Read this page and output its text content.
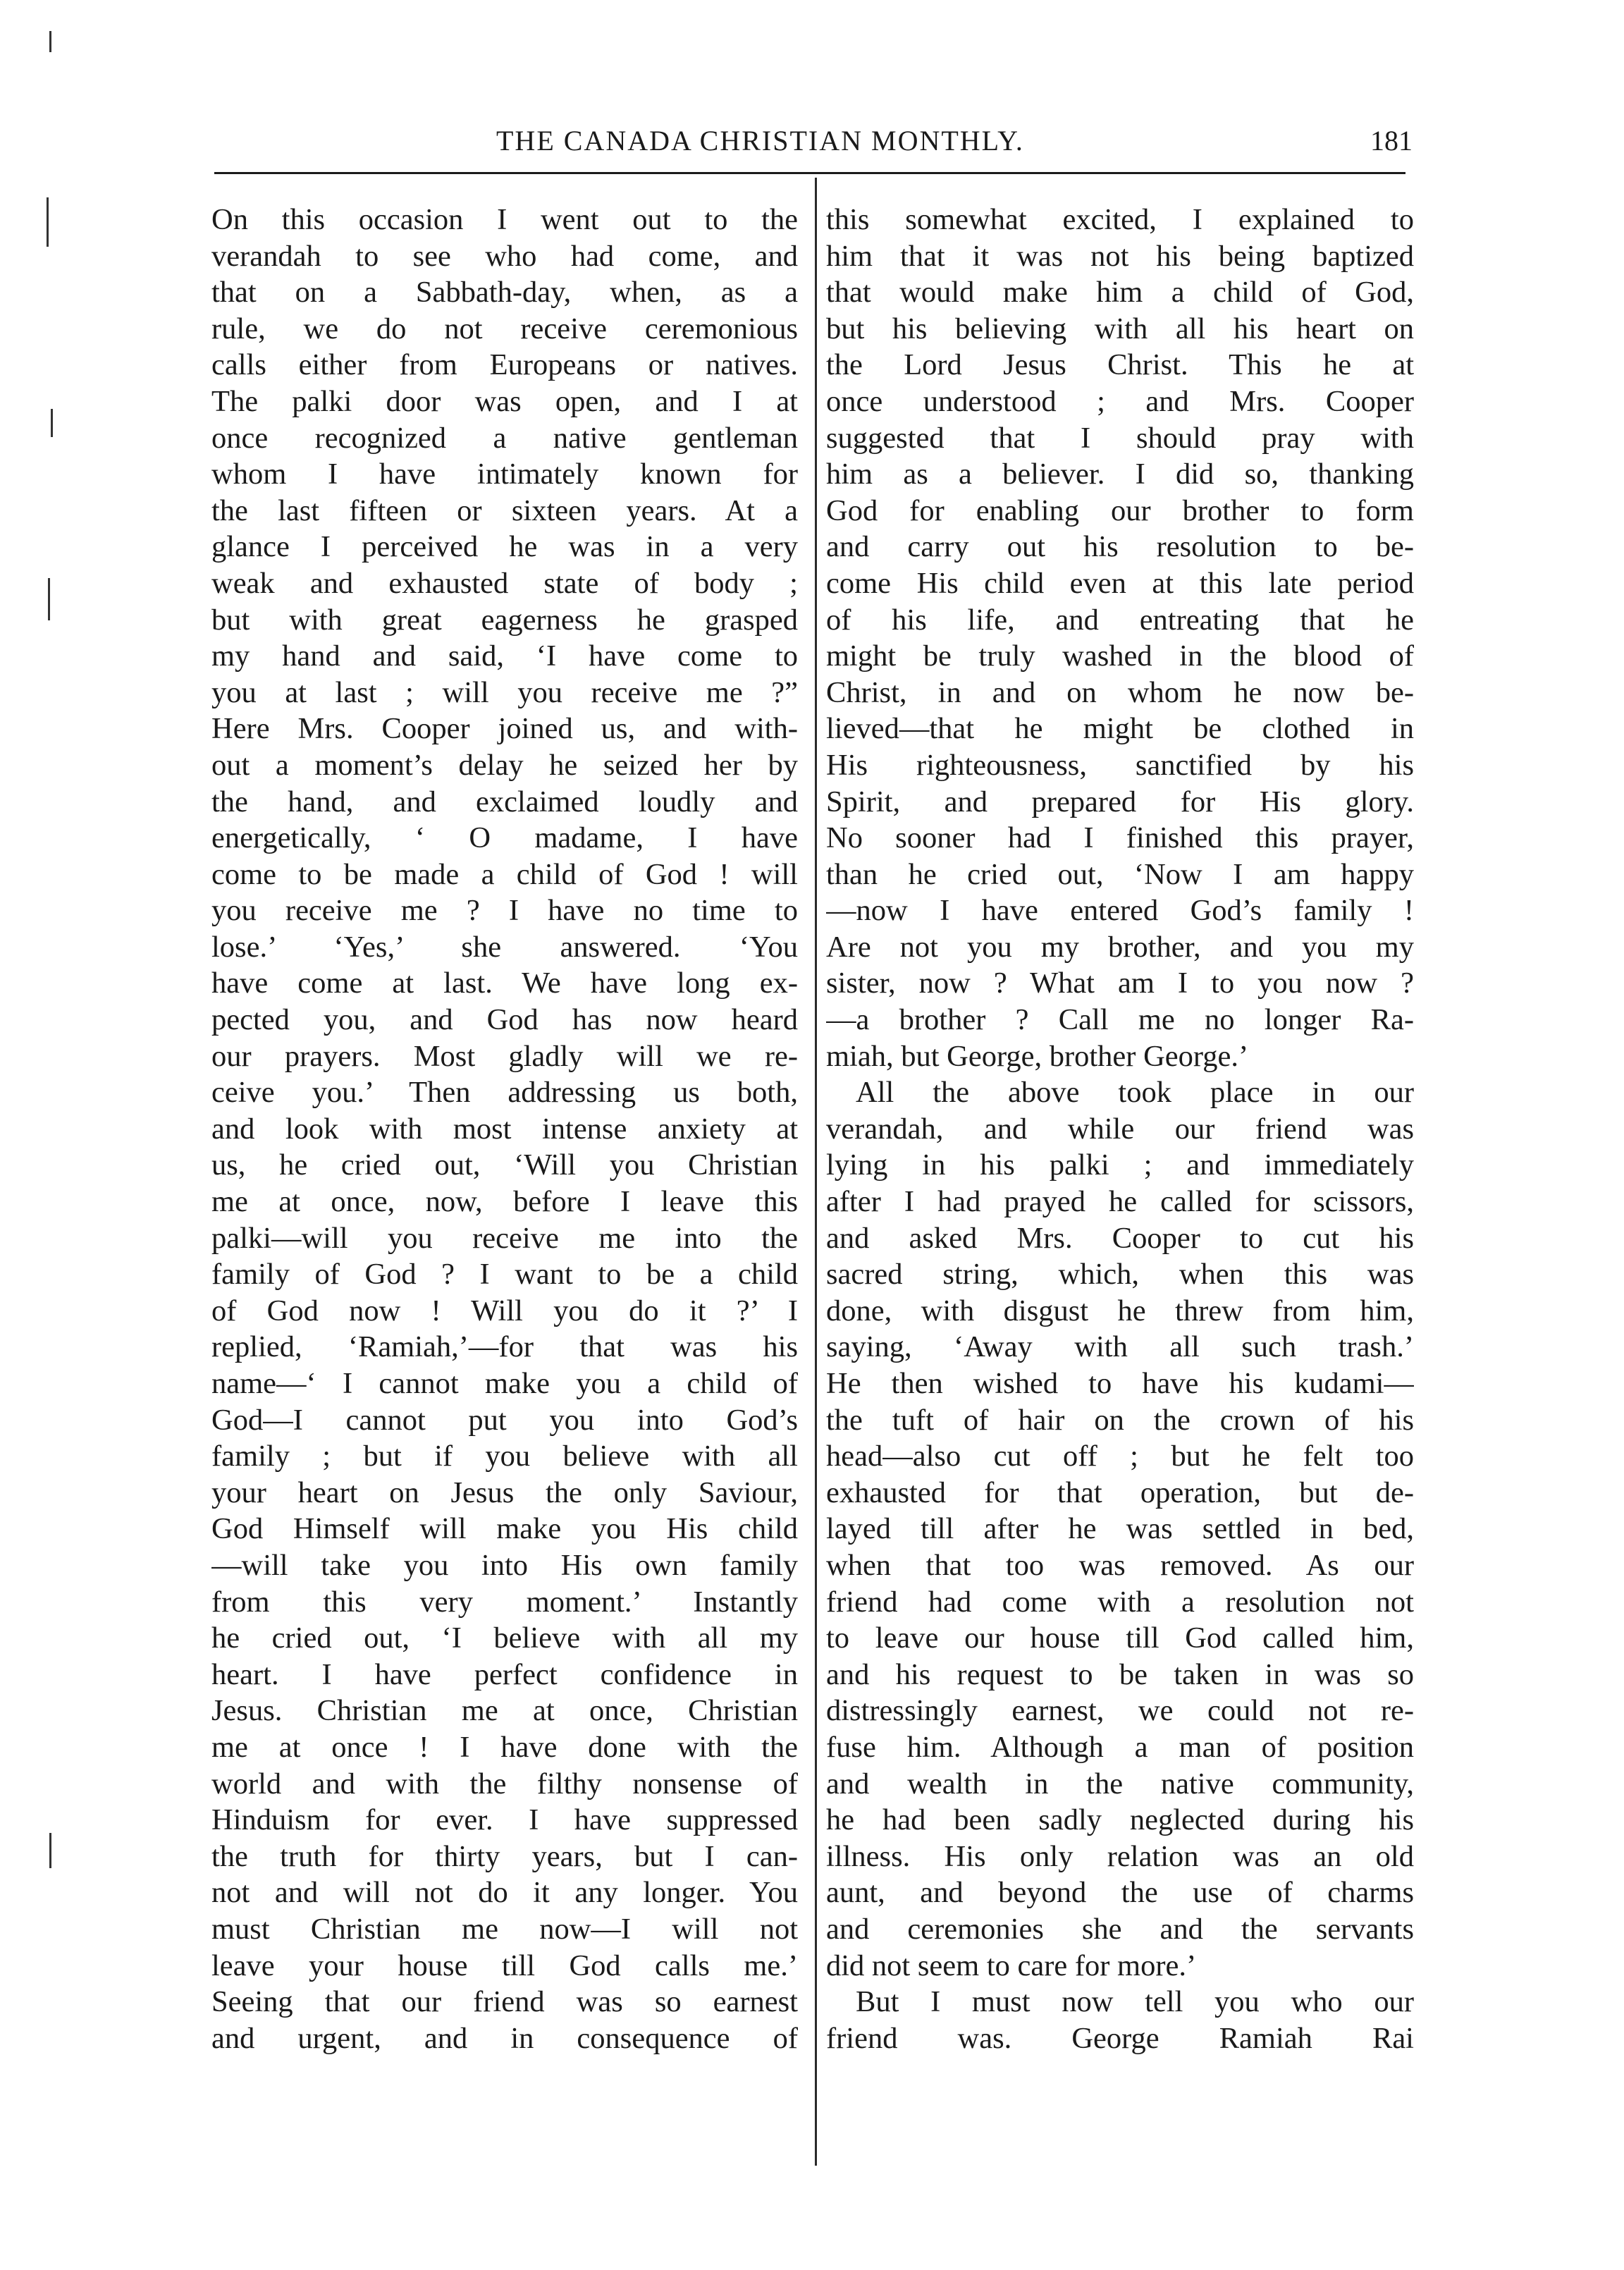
THE CANADA CHRISTIAN MONTHLY.	181
On this occasion I went out to the
verandah to see who had come, and
that on a Sabbath-day, when, as a
rule, we do not receive ceremonious
calls either from Europeans or natives.
The palki door was open, and I at
once recognized a native gentleman
whom I have intimately known for
the last fifteen or sixteen years. At a
glance I perceived he was in a very
weak and exhausted state of body ;
but with great eagerness he grasped
my hand and said, ‘I have come to
you at last ; will you receive me ?”
Here Mrs. Cooper joined us, and with-
out a moment’s delay he seized her by
the hand, and exclaimed loudly and
energetically, ‘ O madame, I have
come to be made a child of God ! will
you receive me ? I have no time to
lose.’ ‘Yes,’ she answered. ‘You
have come at last. We have long ex-
pected you, and God has now heard
our prayers. Most gladly will we re-
ceive you.’ Then addressing us both,
and look with most intense anxiety at
us, he cried out, ‘Will you Christian
me at once, now, before I leave this
palki—will you receive me into the
family of God ? I want to be a child
of God now ! Will you do it ?’ I
replied, ‘Ramiah,’—for that was his
name—‘ I cannot make you a child of
God—I cannot put you into God’s
family ; but if you believe with all
your heart on Jesus the only Saviour,
God Himself will make you His child
—will take you into His own family
from this very moment.’ Instantly
he cried out, ‘I believe with all my
heart. I have perfect confidence in
Jesus. Christian me at once, Christian
me at once ! I have done with the
world and with the filthy nonsense of
Hinduism for ever. I have suppressed
the truth for thirty years, but I can-
not and will not do it any longer. You
must Christian me now—I will not
leave your house till God calls me.’
Seeing that our friend was so earnest
and urgent, and in consequence of
this somewhat excited, I explained to
him that it was not his being baptized
that would make him a child of God,
but his believing with all his heart on
the Lord Jesus Christ. This he at
once understood ; and Mrs. Cooper
suggested that I should pray with
him as a believer. I did so, thanking
God for enabling our brother to form
and carry out his resolution to be-
come His child even at this late period
of his life, and entreating that he
might be truly washed in the blood of
Christ, in and on whom he now be-
lieved—that he might be clothed in
His righteousness, sanctified by his
Spirit, and prepared for His glory.
No sooner had I finished this prayer,
than he cried out, ‘Now I am happy
—now I have entered God’s family !
Are not you my brother, and you my
sister, now ? What am I to you now ?
—a brother ? Call me no longer Ra-
miah, but George, brother George.’
All the above took place in our
verandah, and while our friend was
lying in his palki ; and immediately
after I had prayed he called for scissors,
and asked Mrs. Cooper to cut his
sacred string, which, when this was
done, with disgust he threw from him,
saying, ‘Away with all such trash.’
He then wished to have his kudami—
the tuft of hair on the crown of his
head—also cut off ; but he felt too
exhausted for that operation, but de-
layed till after he was settled in bed,
when that too was removed. As our
friend had come with a resolution not
to leave our house till God called him,
and his request to be taken in was so
distressingly earnest, we could not re-
fuse him. Although a man of position
and wealth in the native community,
he had been sadly neglected during his
illness. His only relation was an old
aunt, and beyond the use of charms
and ceremonies she and the servants
did not seem to care for more.’
But I must now tell you who our
friend was. George Ramiah Rai
